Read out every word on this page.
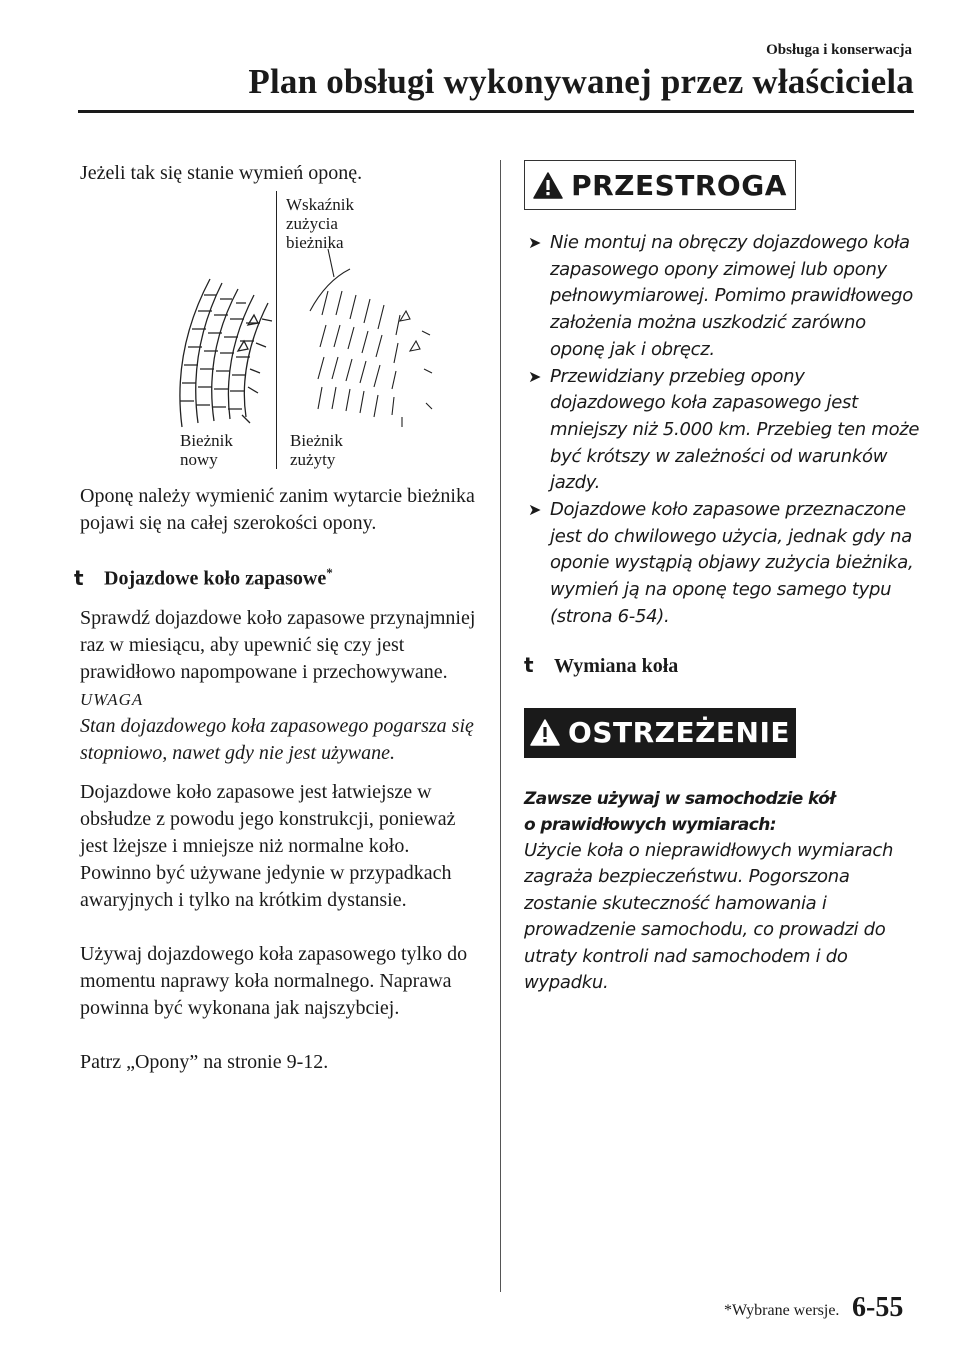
Obsługa i konserwacja
Plan obsługi wykonywanej przez właściciela

Jeżeli tak się stanie wymień oponę.

Wskaźnik
zużycia
bieżnika
Bieżnik
nowy
Bieżnik
zużyty

Oponę należy wymienić zanim wytarcie bieżnika pojawi się na całej szerokości opony.

t Dojazdowe koło zapasowe*

Sprawdź dojazdowe koło zapasowe przynajmniej raz w miesiącu, aby upewnić się czy jest prawidłowo napompowane i przechowywane.

UWAGA

Stan dojazdowego koła zapasowego pogarsza się stopniowo, nawet gdy nie jest używane.

Dojazdowe koło zapasowe jest łatwiejsze w obsłudze z powodu jego konstrukcji, ponieważ jest lżejsze i mniejsze niż normalne koło. Powinno być używane jedynie w przypadkach awaryjnych i tylko na krótkim dystansie.

Używaj dojazdowego koła zapasowego tylko do momentu naprawy koła normalnego. Naprawa powinna być wykonana jak najszybciej.

Patrz „Opony” na stronie 9-12.

PRZESTROGA
➤ Nie montuj na obręczy dojazdowego koła zapasowego opony zimowej lub opony pełnowymiarowej. Pomimo prawidłowego założenia można uszkodzić zarówno oponę jak i obręcz.
➤ Przewidziany przebieg opony dojazdowego koła zapasowego jest mniejszy niż 5.000 km. Przebieg ten może być krótszy w zależności od warunków jazdy.
➤ Dojazdowe koło zapasowe przeznaczone jest do chwilowego użycia, jednak gdy na oponie wystąpią objawy zużycia bieżnika, wymień ją na oponę tego samego typu (strona 6-54).

t Wymiana koła

OSTRZEŻENIE
Zawsze używaj w samochodzie kół
o prawidłowych wymiarach:

Użycie koła o nieprawidłowych wymiarach zagraża bezpieczeństwu. Pogorszona zostanie skuteczność hamowania i prowadzenie samochodu, co prowadzi do utraty kontroli nad samochodem i do wypadku.

*Wybrane wersje. 6-55
